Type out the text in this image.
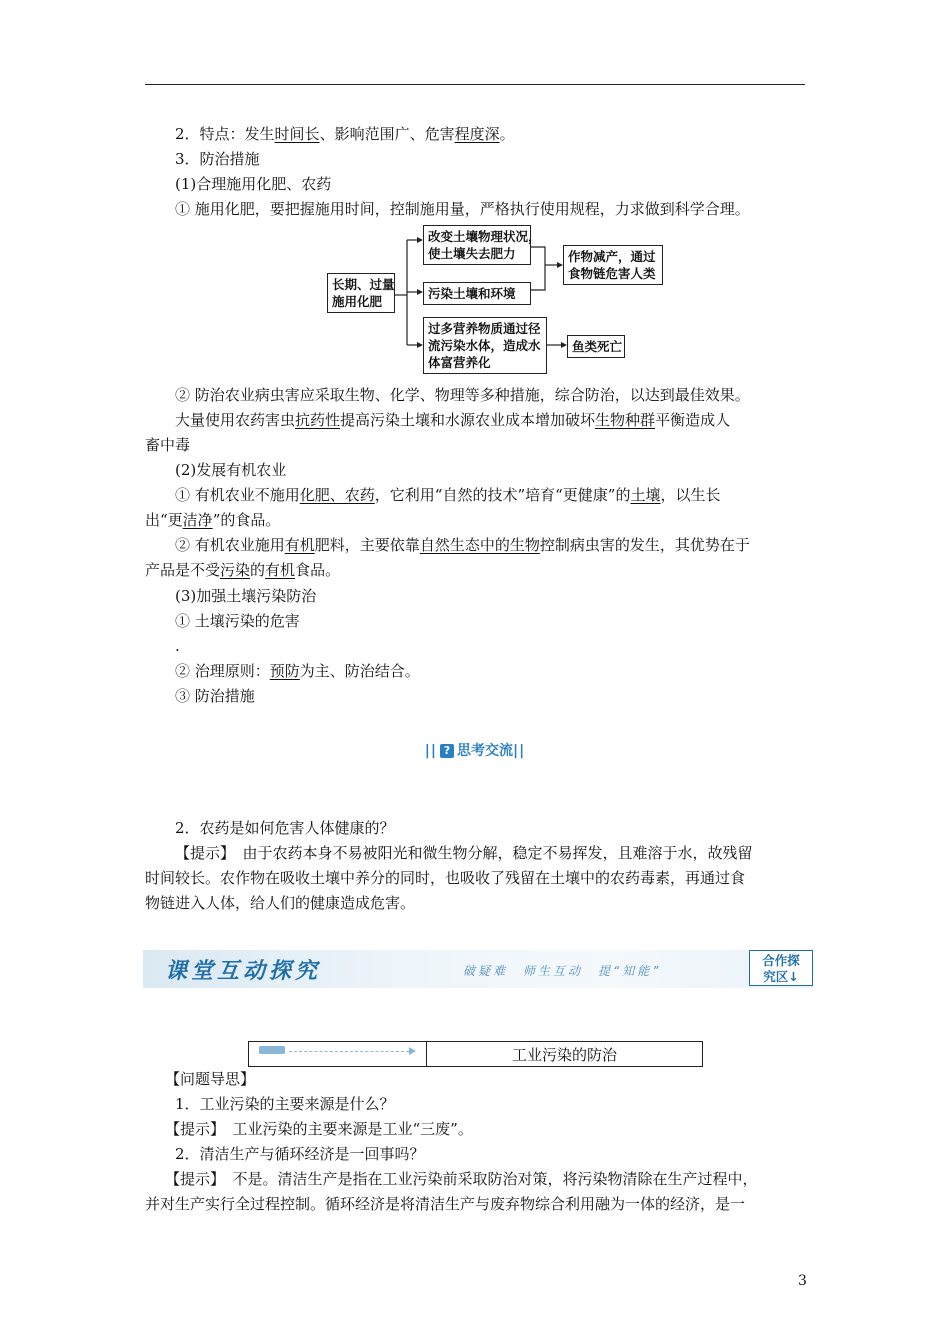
2．特点：发生时间长、影响范围广、危害程度深。
3．防治措施
(1)合理施用化肥、农药
① 施用化肥，要把握施用时间，控制施用量，严格执行使用规程，力求做到科学合理。
长期、过量
施用化肥
改变土壤物理状况，
使土壤失去肥力
污染土壤和环境
过多营养物质通过径
流污染水体，造成水
体富营养化
作物减产，通过
食物链危害人类
鱼类死亡
② 防治农业病虫害应采取生物、化学、物理等多种措施，综合防治，以达到最佳效果。
大量使用农药害虫抗药性提高污染土壤和水源农业成本增加破坏生物种群平衡造成人
畜中毒
(2)发展有机农业
① 有机农业不施用化肥、农药，它利用“自然的技术”培育“更健康”的土壤，以生长
出“更洁净”的食品。
② 有机农业施用有机肥料，主要依靠自然生态中的生物控制病虫害的发生，其优势在于
产品是不受污染的有机食品。
(3)加强土壤污染防治
① 土壤污染的危害
.
② 治理原则：预防为主、防治结合。
③ 防治措施
|| ? 思考交流||
2．农药是如何危害人体健康的？
【提示】　由于农药本身不易被阳光和微生物分解，稳定不易挥发，且难溶于水，故残留
时间较长。农作物在吸收土壤中养分的同时，也吸收了残留在土壤中的农药毒素，再通过食
物链进入人体，给人们的健康造成危害。
课堂互动探究	破疑难　师生互动　提“知能”
合作探
究区↓
工业污染的防治
【问题导思】
1．工业污染的主要来源是什么？
【提示】　工业污染的主要来源是工业“三废”。
2．清洁生产与循环经济是一回事吗？
【提示】　不是。清洁生产是指在工业污染前采取防治对策，将污染物清除在生产过程中，
并对生产实行全过程控制。循环经济是将清洁生产与废弃物综合利用融为一体的经济，是一
3
